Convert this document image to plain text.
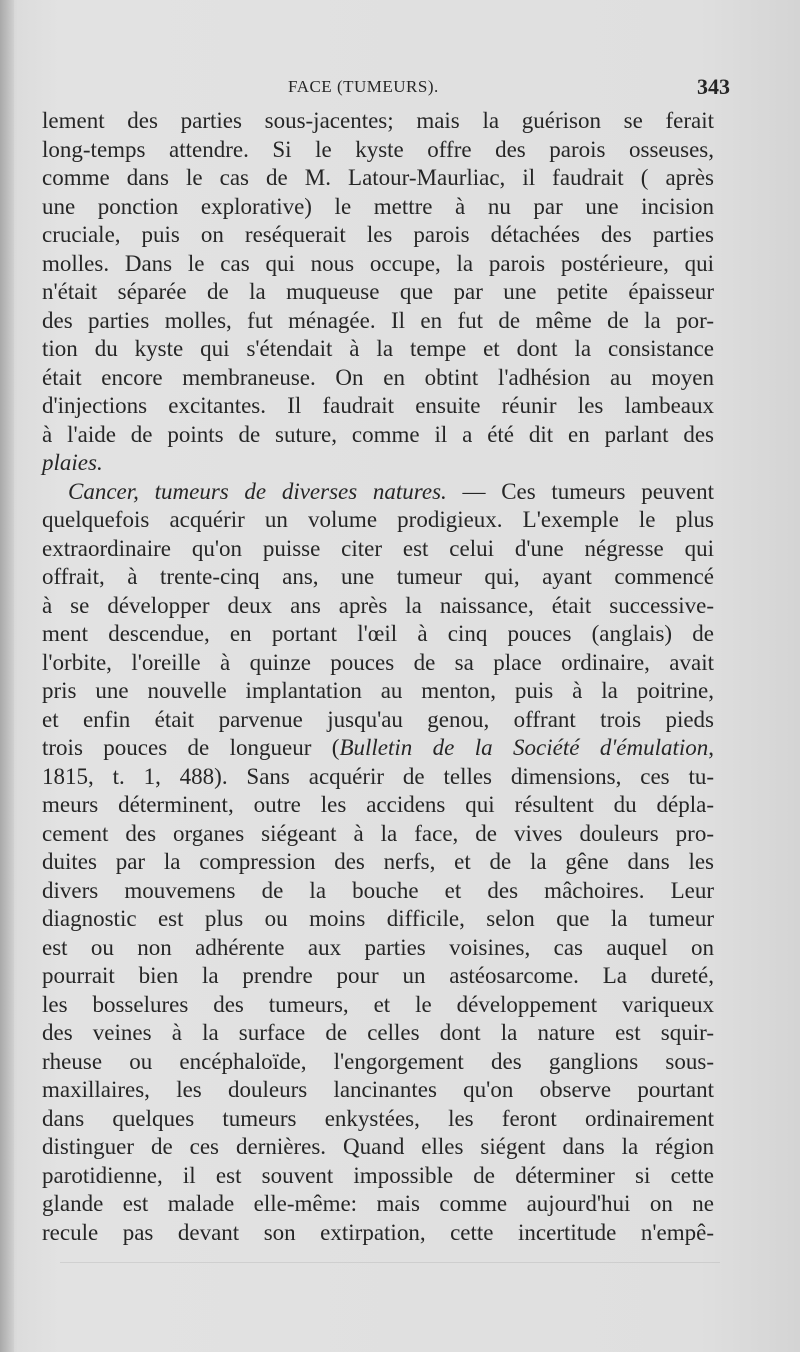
FACE (TUMEURS).	343
lement des parties sous-jacentes; mais la guérison se ferait
long-temps attendre. Si le kyste offre des parois osseuses,
comme dans le cas de M. Latour-Maurliac, il faudrait ( après
une ponction explorative) le mettre à nu par une incision
cruciale, puis on reséquerait les parois détachées des parties
molles. Dans le cas qui nous occupe, la parois postérieure, qui
n'était séparée de la muqueuse que par une petite épaisseur
des parties molles, fut ménagée. Il en fut de même de la por-
tion du kyste qui s'étendait à la tempe et dont la consistance
était encore membraneuse. On en obtint l'adhésion au moyen
d'injections excitantes. Il faudrait ensuite réunir les lambeaux
à l'aide de points de suture, comme il a été dit en parlant des
plaies.
Cancer, tumeurs de diverses natures. — Ces tumeurs peuvent
quelquefois acquérir un volume prodigieux. L'exemple le plus
extraordinaire qu'on puisse citer est celui d'une négresse qui
offrait, à trente-cinq ans, une tumeur qui, ayant commencé
à se développer deux ans après la naissance, était successive-
ment descendue, en portant l'œil à cinq pouces (anglais) de
l'orbite, l'oreille à quinze pouces de sa place ordinaire, avait
pris une nouvelle implantation au menton, puis à la poitrine,
et enfin était parvenue jusqu'au genou, offrant trois pieds
trois pouces de longueur (Bulletin de la Société d'émulation,
1815, t. 1, 488). Sans acquérir de telles dimensions, ces tu-
meurs déterminent, outre les accidens qui résultent du dépla-
cement des organes siégeant à la face, de vives douleurs pro-
duites par la compression des nerfs, et de la gêne dans les
divers mouvemens de la bouche et des mâchoires. Leur
diagnostic est plus ou moins difficile, selon que la tumeur
est ou non adhérente aux parties voisines, cas auquel on
pourrait bien la prendre pour un astéosarcome. La dureté,
les bosselures des tumeurs, et le développement variqueux
des veines à la surface de celles dont la nature est squir-
rheuse ou encéphaloïde, l'engorgement des ganglions sous-
maxillaires, les douleurs lancinantes qu'on observe pourtant
dans quelques tumeurs enkystées, les feront ordinairement
distinguer de ces dernières. Quand elles siégent dans la région
parotidienne, il est souvent impossible de déterminer si cette
glande est malade elle-même: mais comme aujourd'hui on ne
recule pas devant son extirpation, cette incertitude n'empê-
